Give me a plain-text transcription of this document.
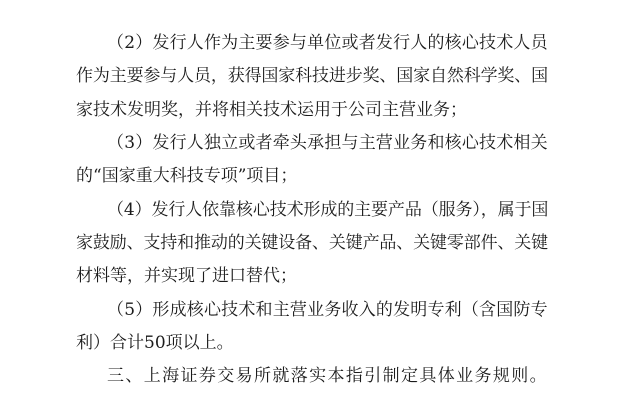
（2）发行人作为主要参与单位或者发行人的核心技术人员
作为主要参与人员，获得国家科技进步奖、国家自然科学奖、国
家技术发明奖，并将相关技术运用于公司主营业务；
（3）发行人独立或者牵头承担与主营业务和核心技术相关
的“国家重大科技专项”项目；
（4）发行人依靠核心技术形成的主要产品（服务），属于国
家鼓励、支持和推动的关键设备、关键产品、关键零部件、关键
材料等，并实现了进口替代；
（5）形成核心技术和主营业务收入的发明专利（含国防专
利）合计50项以上。
三、上海证券交易所就落实本指引制定具体业务规则。
